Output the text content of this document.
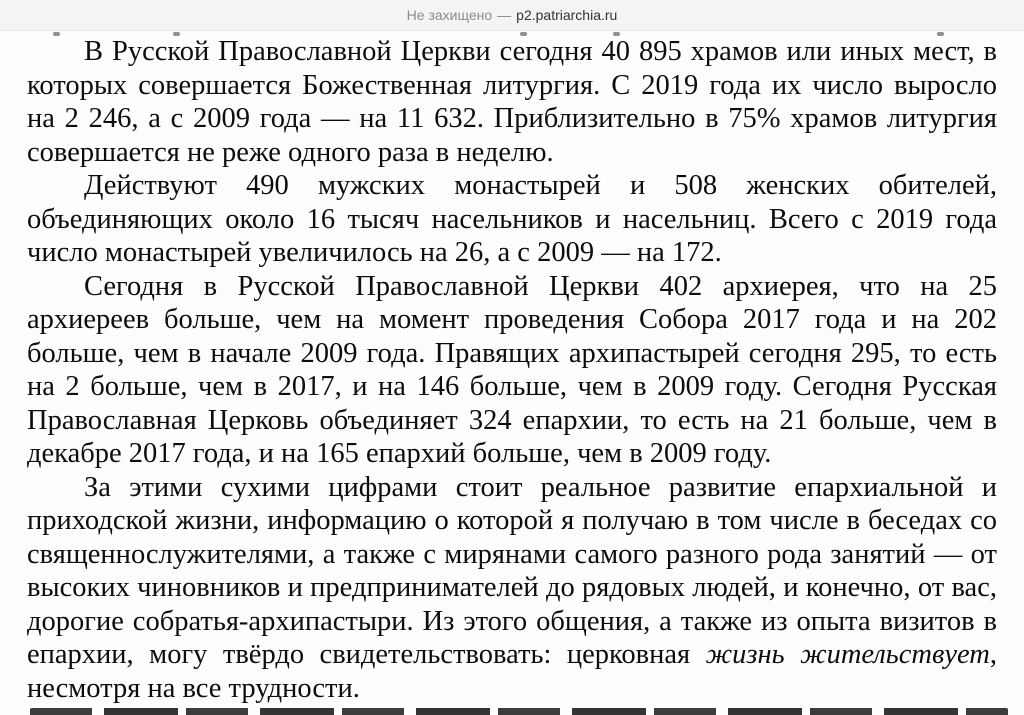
Не захищено — p2.patriarchia.ru

В Русской Православной Церкви сегодня 40 895 храмов или иных мест, в которых совершается Божественная литургия. С 2019 года их число выросло на 2 246, а с 2009 года — на 11 632. Приблизительно в 75% храмов литургия совершается не реже одного раза в неделю.

Действуют 490 мужских монастырей и 508 женских обителей, объединяющих около 16 тысяч насельников и насельниц. Всего с 2019 года число монастырей увеличилось на 26, а с 2009 — на 172.

Сегодня в Русской Православной Церкви 402 архиерея, что на 25 архиереев больше, чем на момент проведения Собора 2017 года и на 202 больше, чем в начале 2009 года. Правящих архипастырей сегодня 295, то есть на 2 больше, чем в 2017, и на 146 больше, чем в 2009 году. Сегодня Русская Православная Церковь объединяет 324 епархии, то есть на 21 больше, чем в декабре 2017 года, и на 165 епархий больше, чем в 2009 году.

За этими сухими цифрами стоит реальное развитие епархиальной и приходской жизни, информацию о которой я получаю в том числе в беседах со священнослужителями, а также с мирянами самого разного рода занятий — от высоких чиновников и предпринимателей до рядовых людей, и конечно, от вас, дорогие собратья-архипастыри. Из этого общения, а также из опыта визитов в епархии, могу твёрдо свидетельствовать: церковная жизнь жительствует, несмотря на все трудности.
